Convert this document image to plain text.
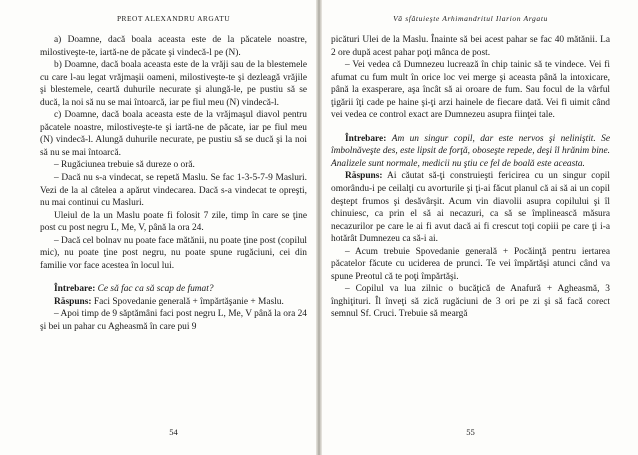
PREOT ALEXANDRU ARGATU

a) Doamne, dacă boala aceasta este de la păcatele noastre, milostiveşte-te, iartă-ne de păcate şi vindecă-l pe (N).

b) Doamne, dacă boala aceasta este de la vrăji sau de la blestemele cu care l-au legat vrăjmaşii oameni, milostiveşte-te şi dezleagă vrăjile şi blestemele, ceartă duhurile necurate şi alungă-le, pe pustiu să se ducă, la noi să nu se mai întoarcă, iar pe fiul meu (N) vindecă-l.

c) Doamne, dacă boala aceasta este de la vrăjmaşul diavol pentru păcatele noastre, milostiveşte-te şi iartă-ne de păcate, iar pe fiul meu (N) vindecă-l. Alungă duhurile necurate, pe pustiu să se ducă şi la noi să nu se mai întoarcă.

– Rugăciunea trebuie să dureze o oră.

– Dacă nu s-a vindecat, se repetă Maslu. Se fac 1-3-5-7-9 Masluri. Vezi de la al câtelea a apărut vindecarea. Dacă s-a vindecat te opreşti, nu mai continui cu Masluri.

Uleiul de la un Maslu poate fi folosit 7 zile, timp în care se ţine post cu post negru L, Me, V, până la ora 24.

– Dacă cel bolnav nu poate face mătănii, nu poate ţine post (copilul mic), nu poate ţine post negru, nu poate spune rugăciuni, cei din familie vor face acestea în locul lui.

Întrebare: Ce să fac ca să scap de fumat?

Răspuns: Faci Spovedanie generală + împărtăşanie + Maslu.

– Apoi timp de 9 săptămâni faci post negru L, Me, V până la ora 24 şi bei un pahar cu Agheasmă în care pui 9

54
Vă sfătuieşte Arhimandritul Ilarion Argatu

picături Ulei de la Maslu. Înainte să bei acest pahar se fac 40 mătănii. La 2 ore după acest pahar poţi mânca de post.

– Vei vedea că Dumnezeu lucrează în chip tainic să te vindece. Vei fi afumat cu fum mult în orice loc vei merge şi aceasta până la intoxicare, până la exasperare, aşa încât să ai oroare de fum. Sau focul de la vârful ţigării îţi cade pe haine şi-ţi arzi hainele de fiecare dată. Vei fi uimit când vei vedea ce control exact are Dumnezeu asupra fiinţei tale.

Întrebare: Am un singur copil, dar este nervos şi neliniştit. Se îmbolnăveşte des, este lipsit de forţă, oboseşte repede, deşi îl hrănim bine. Analizele sunt normale, medicii nu ştiu ce fel de boală este aceasta.

Răspuns: Ai căutat să-ţi construieşti fericirea cu un singur copil omorându-i pe ceilalţi cu avorturile şi ţi-ai făcut planul că ai să ai un copil deştept frumos şi desăvârşit. Acum vin diavolii asupra copilului şi îl chinuiesc, ca prin el să ai necazuri, ca să se împlinească măsura necazurilor pe care le ai fi avut dacă ai fi crescut toţi copiii pe care ţi i-a hotărât Dumnezeu ca să-i ai.

– Acum trebuie Spovedanie generală + Pocăinţă pentru iertarea păcatelor făcute cu uciderea de prunci. Te vei împărtăşi atunci când va spune Preotul că te poţi împărtăşi.

– Copilul va lua zilnic o bucăţică de Anafură + Agheasmă, 3 înghiţituri. Îl înveţi să zică rugăciuni de 3 ori pe zi şi să facă corect semnul Sf. Cruci. Trebuie să meargă

55
